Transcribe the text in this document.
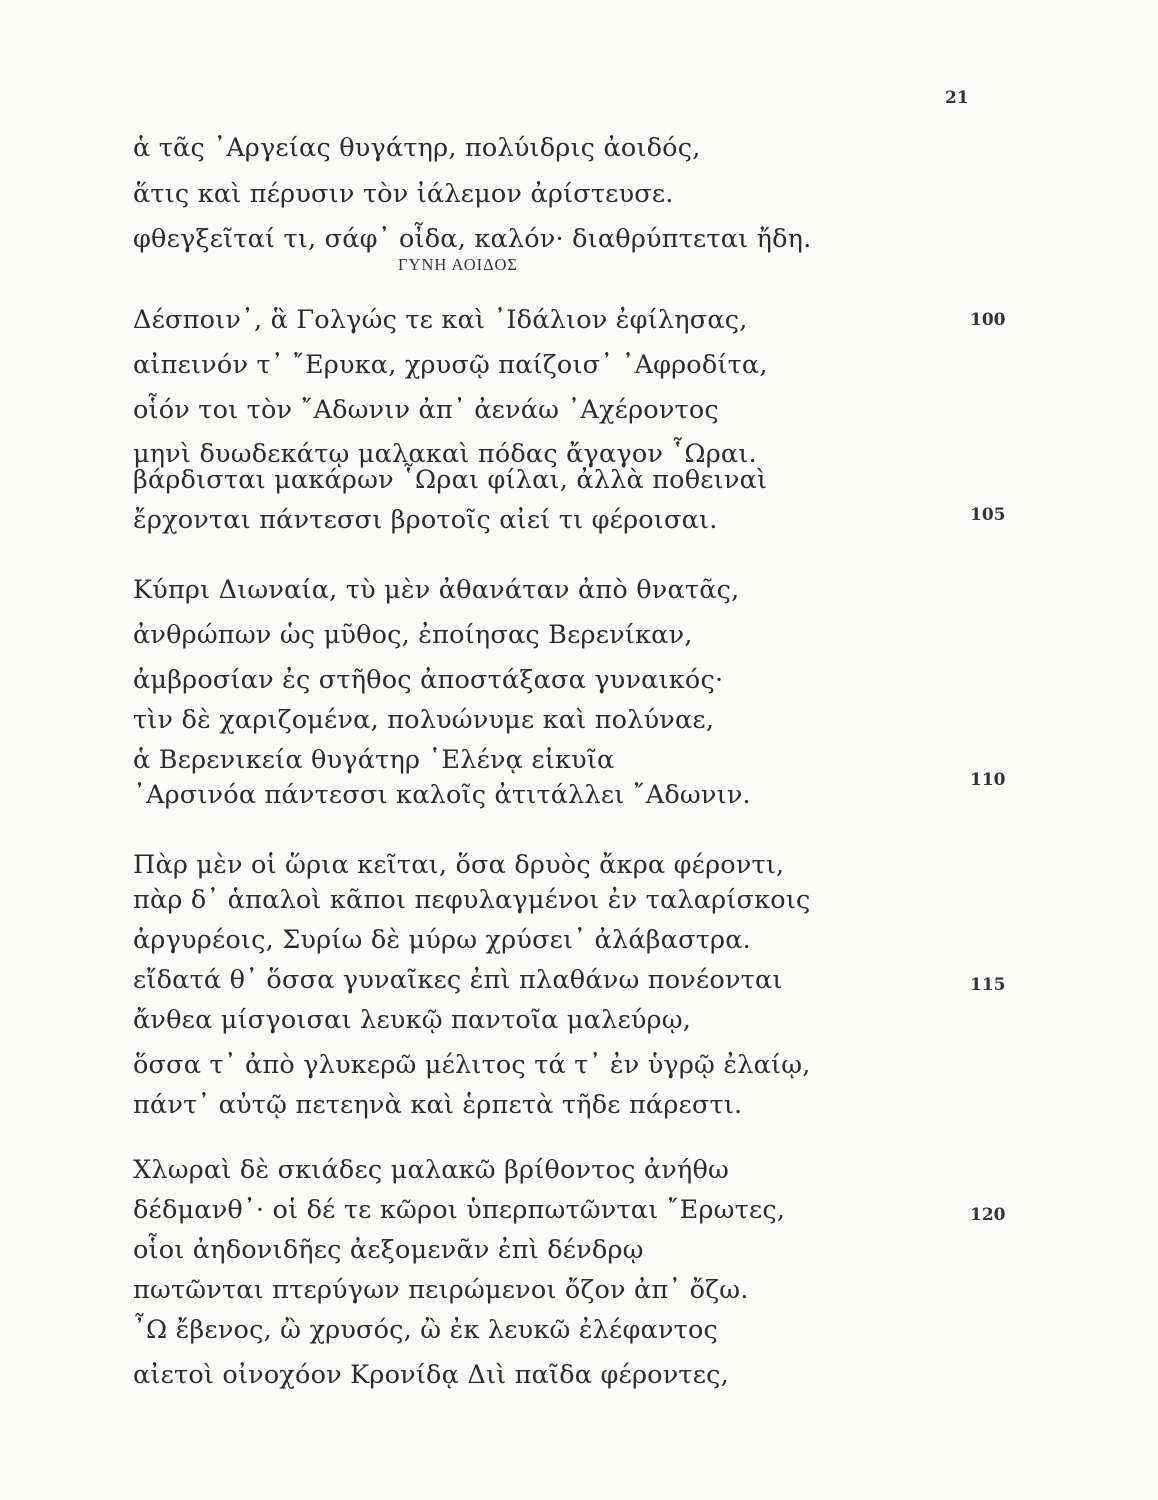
21
ἁ τᾶς ᾿Αργείας θυγάτηρ, πολύιδρις ἀοιδός,
ἅτις καὶ πέρυσιν τὸν ἰάλεμον ἀρίστευσε.
φθεγξεῖταί τι, σάφ᾽ οἶδα, καλόν· διαθρύπτεται ἤδη.
ΓΥΝΗ ΑΟΙΔΟΣ
Δέσποιν᾽, ἃ Γολγώς τε καὶ ᾿Ιδάλιον ἐφίλησας,
αἰπεινόν τ᾽ ῎Ερυκα, χρυσῷ παίζοισ᾽ ᾿Αφροδίτα,
οἷόν τοι τὸν ῎Αδωνιν ἀπ᾽ ἀενάω ᾿Αχέροντος
μηνὶ δυωδεκάτῳ μαλακαὶ πόδας ἄγαγον ῟Ωραι.
βάρδισται μακάρων ῟Ωραι φίλαι, ἀλλὰ ποθειναὶ
ἔρχονται πάντεσσι βροτοῖς αἰεί τι φέροισαι.
Κύπρι Διωναία, τὺ μὲν ἀθανάταν ἀπὸ θνατᾶς,
ἀνθρώπων ὡς μῦθος, ἐποίησας Βερενίκαν,
ἀμβροσίαν ἐς στῆθος ἀποστάξασα γυναικός·
τὶν δὲ χαριζομένα, πολυώνυμε καὶ πολύναε,
ἁ Βερενικεία θυγάτηρ ῾Ελένᾳ εἰκυῖα
᾿Αρσινόα πάντεσσι καλοῖς ἀτιτάλλει ῎Αδωνιν.
Πὰρ μὲν οἱ ὥρια κεῖται, ὅσα δρυὸς ἄκρα φέροντι,
πὰρ δ᾽ ἁπαλοὶ κᾶποι πεφυλαγμένοι ἐν ταλαρίσκοις
ἀργυρέοις, Συρίω δὲ μύρω χρύσει᾽ ἀλάβαστρα.
εἴδατά θ᾽ ὅσσα γυναῖκες ἐπὶ πλαθάνω πονέονται
ἄνθεα μίσγοισαι λευκῷ παντοῖα μαλεύρῳ,
ὅσσα τ᾽ ἀπὸ γλυκερῶ μέλιτος τά τ᾽ ἐν ὑγρῷ ἐλαίῳ,
πάντ᾽ αὐτῷ πετεηνὰ καὶ ἑρπετὰ τῆδε πάρεστι.
Χλωραὶ δὲ σκιάδες μαλακῶ βρίθοντος ἀνήθω
δέδμανθ᾽· οἱ δέ τε κῶροι ὑπερπωτῶνται ῎Ερωτες,
οἷοι ἀηδονιδῆες ἀεξομενᾶν ἐπὶ δένδρῳ
πωτῶνται πτερύγων πειρώμενοι ὄζον ἀπ᾽ ὄζω.
῏Ω ἔβενος, ὢ χρυσός, ὢ ἐκ λευκῶ ἐλέφαντος
αἰετοὶ οἰνοχόον Κρονίδᾳ Διὶ παῖδα φέροντες,
100
105
110
115
120
